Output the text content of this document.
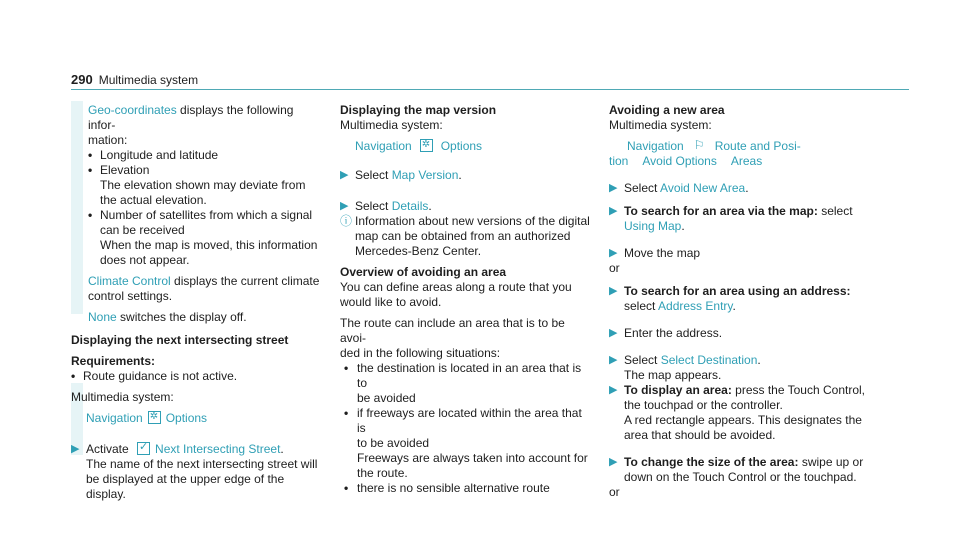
290 Multimedia system

Geo-coordinates displays the following infor-

mation:

• Longitude and latitude
• Elevation

The elevation shown may deviate from

the actual elevation.

• Number of satellites from which a signal

can be received

When the map is moved, this information

does not appear.

Climate Control displays the current climate

control settings.

None switches the display off.

Displaying the next intersecting street

Requirements:

• Route guidance is not active.

Multimedia system:

Navigation ✲ Options

▶ Activate ✓Next Intersecting Street.

The name of the next intersecting street will

be displayed at the upper edge of the display.

Displaying the map version

Multimedia system:

Navigation ✲ Options

▶ Select Map Version.
▶ Select Details.
ⓘ Information about new versions of the digital

map can be obtained from an authorized

Mercedes-Benz Center.

Overview of avoiding an area

You can define areas along a route that you

would like to avoid.

The route can include an area that is to be avoi-

ded in the following situations:

• the destination is located in an area that is to

be avoided

• if freeways are located within the area that is

to be avoided

Freeways are always taken into account for

the route.

• there is no sensible alternative route

Avoiding a new area

Multimedia system:

Navigation ⚐	Route and Posi-

tion Avoid Options Areas

▶ Select Avoid New Area.
▶ To search for an area via the map: select

Using Map.

▶ Move the map

or

▶ To search for an area using an address:

select Address Entry.

▶ Enter the address.
▶ Select Select Destination.

The map appears.

▶ To display an area: press the Touch Control,

the touchpad or the controller.

A red rectangle appears. This designates the

area that should be avoided.

▶ To change the size of the area: swipe up or

down on the Touch Control or the touchpad.

or
